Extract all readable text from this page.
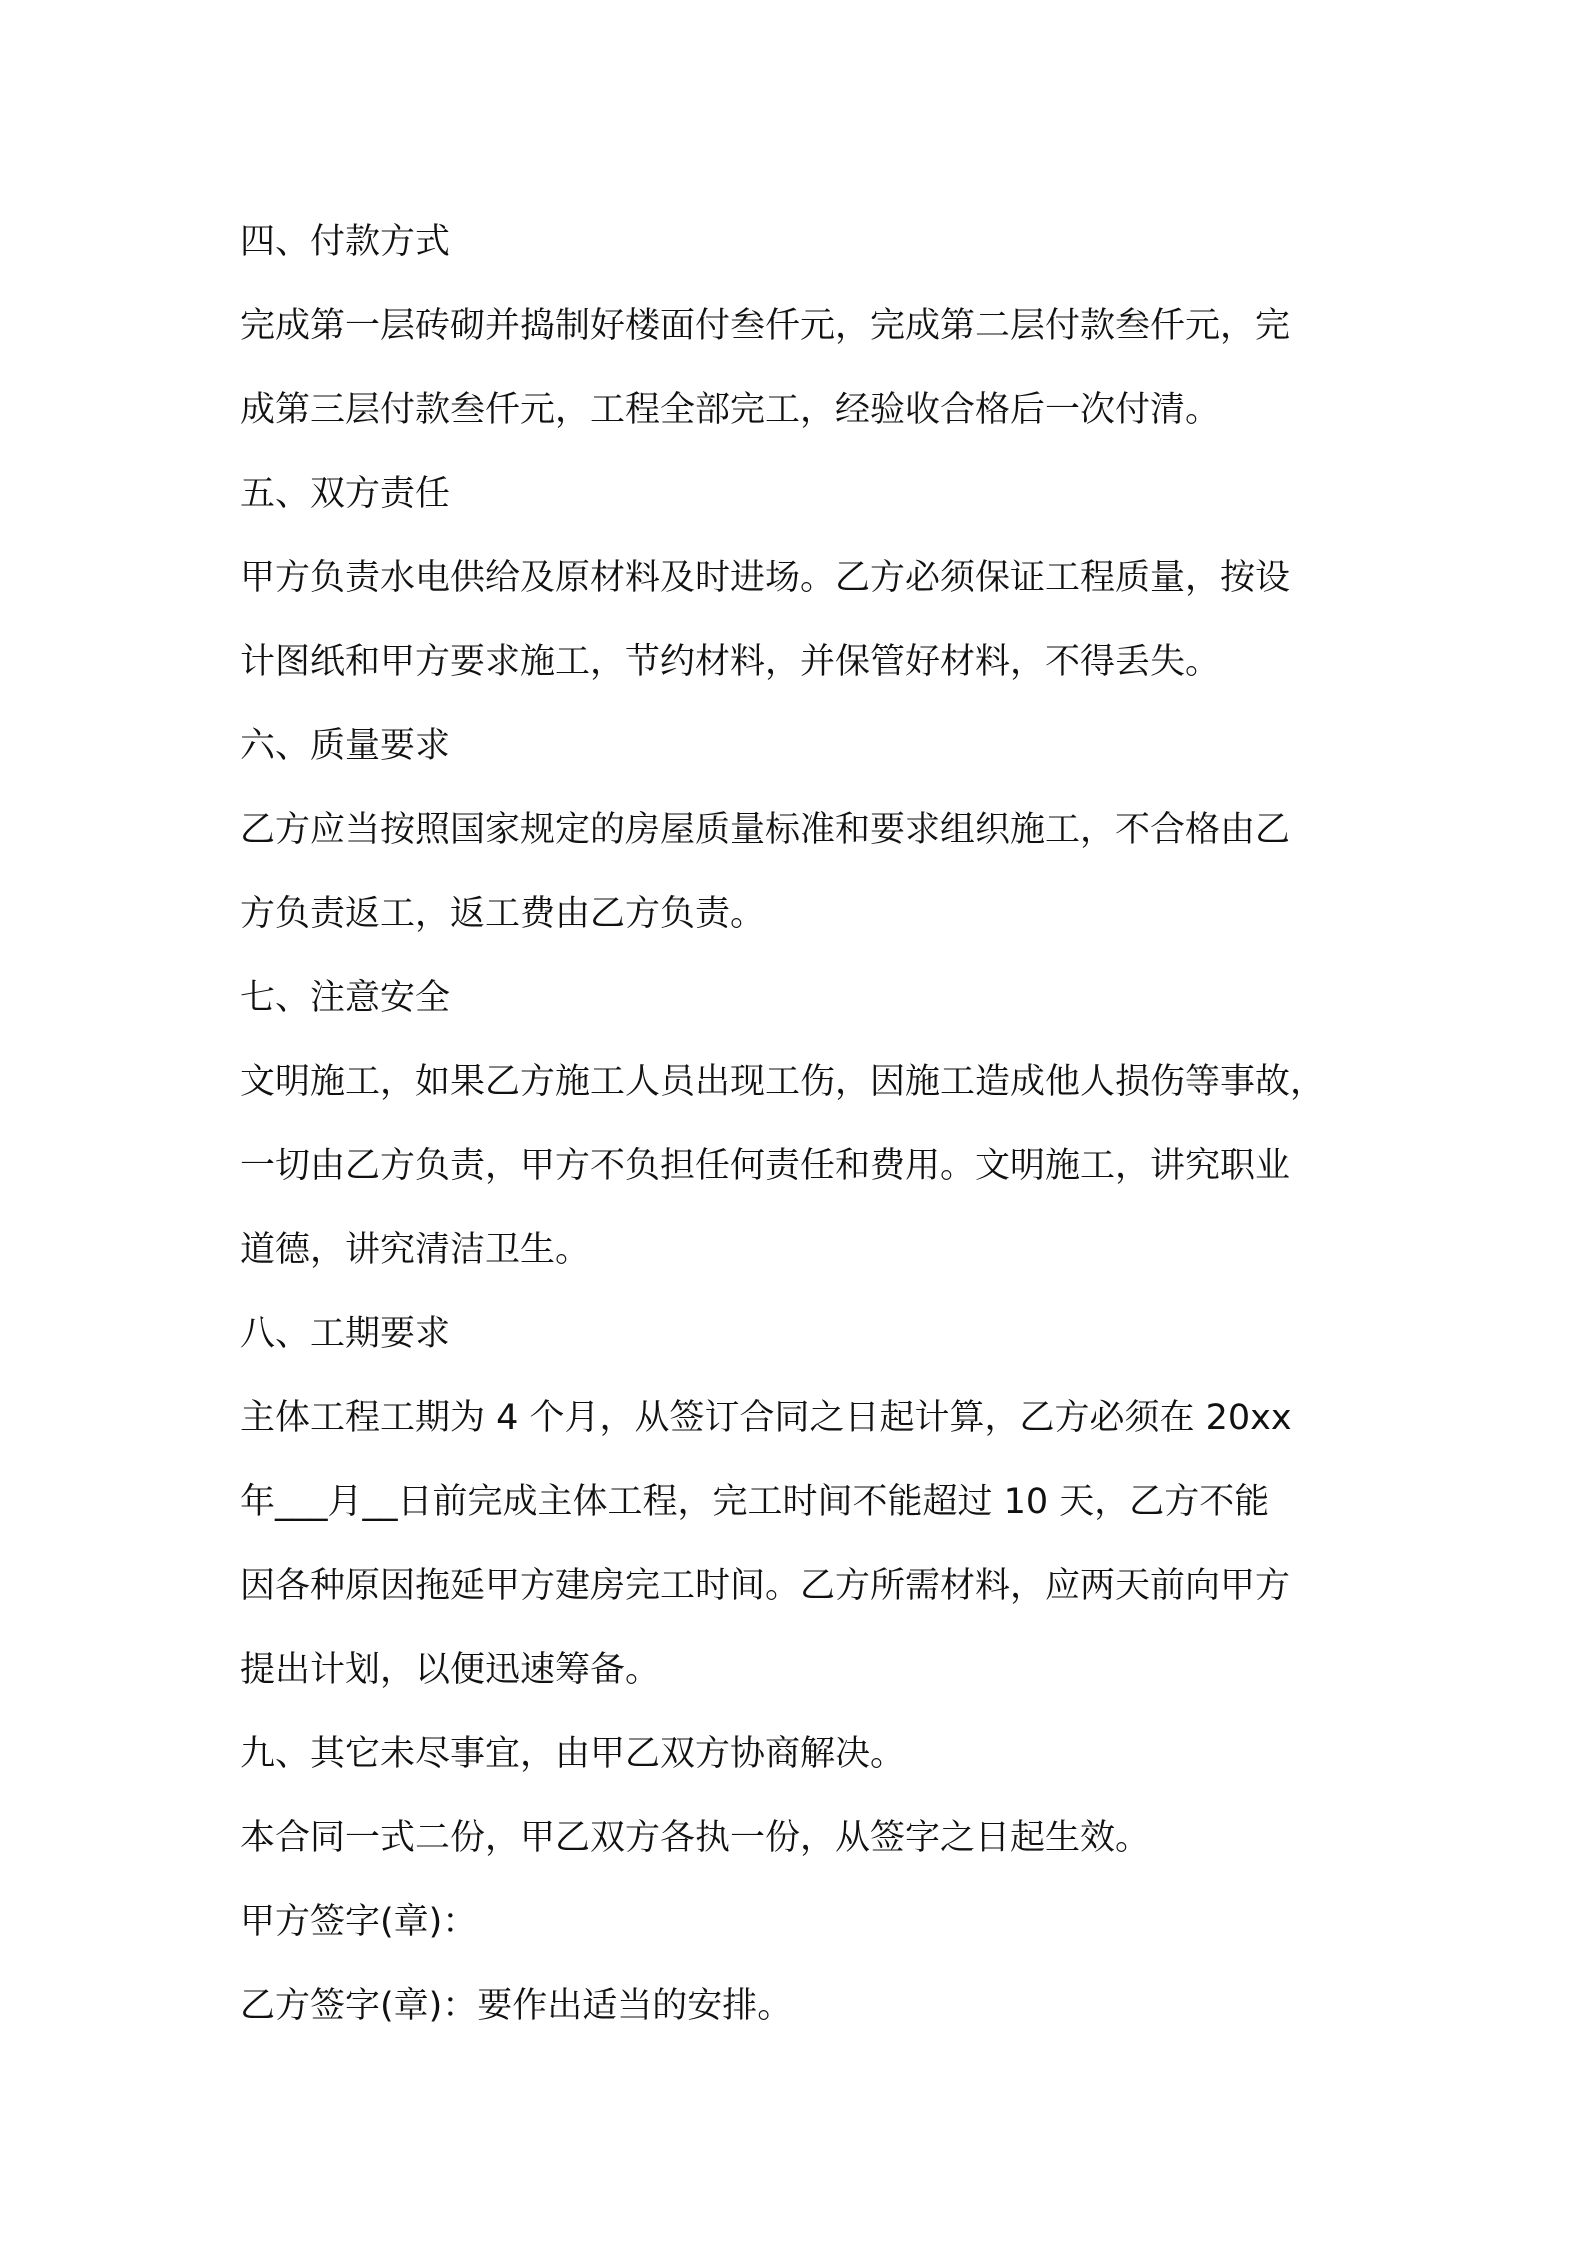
四、付款方式

完成第一层砖砌并捣制好楼面付叁仟元，完成第二层付款叁仟元，完

成第三层付款叁仟元，工程全部完工，经验收合格后一次付清。

五、双方责任

甲方负责水电供给及原材料及时进场。乙方必须保证工程质量，按设

计图纸和甲方要求施工，节约材料，并保管好材料，不得丢失。

六、质量要求

乙方应当按照国家规定的房屋质量标准和要求组织施工，不合格由乙

方负责返工，返工费由乙方负责。

七、注意安全

文明施工，如果乙方施工人员出现工伤，因施工造成他人损伤等事故，

一切由乙方负责，甲方不负担任何责任和费用。文明施工，讲究职业

道德，讲究清洁卫生。

八、工期要求

主体工程工期为 4 个月，从签订合同之日起计算，乙方必须在 20xx

年___月__日前完成主体工程，完工时间不能超过 10 天，乙方不能

因各种原因拖延甲方建房完工时间。乙方所需材料，应两天前向甲方

提出计划，以便迅速筹备。

九、其它未尽事宜，由甲乙双方协商解决。

本合同一式二份，甲乙双方各执一份，从签字之日起生效。

甲方签字(章)：

乙方签字(章)：要作出适当的安排。
